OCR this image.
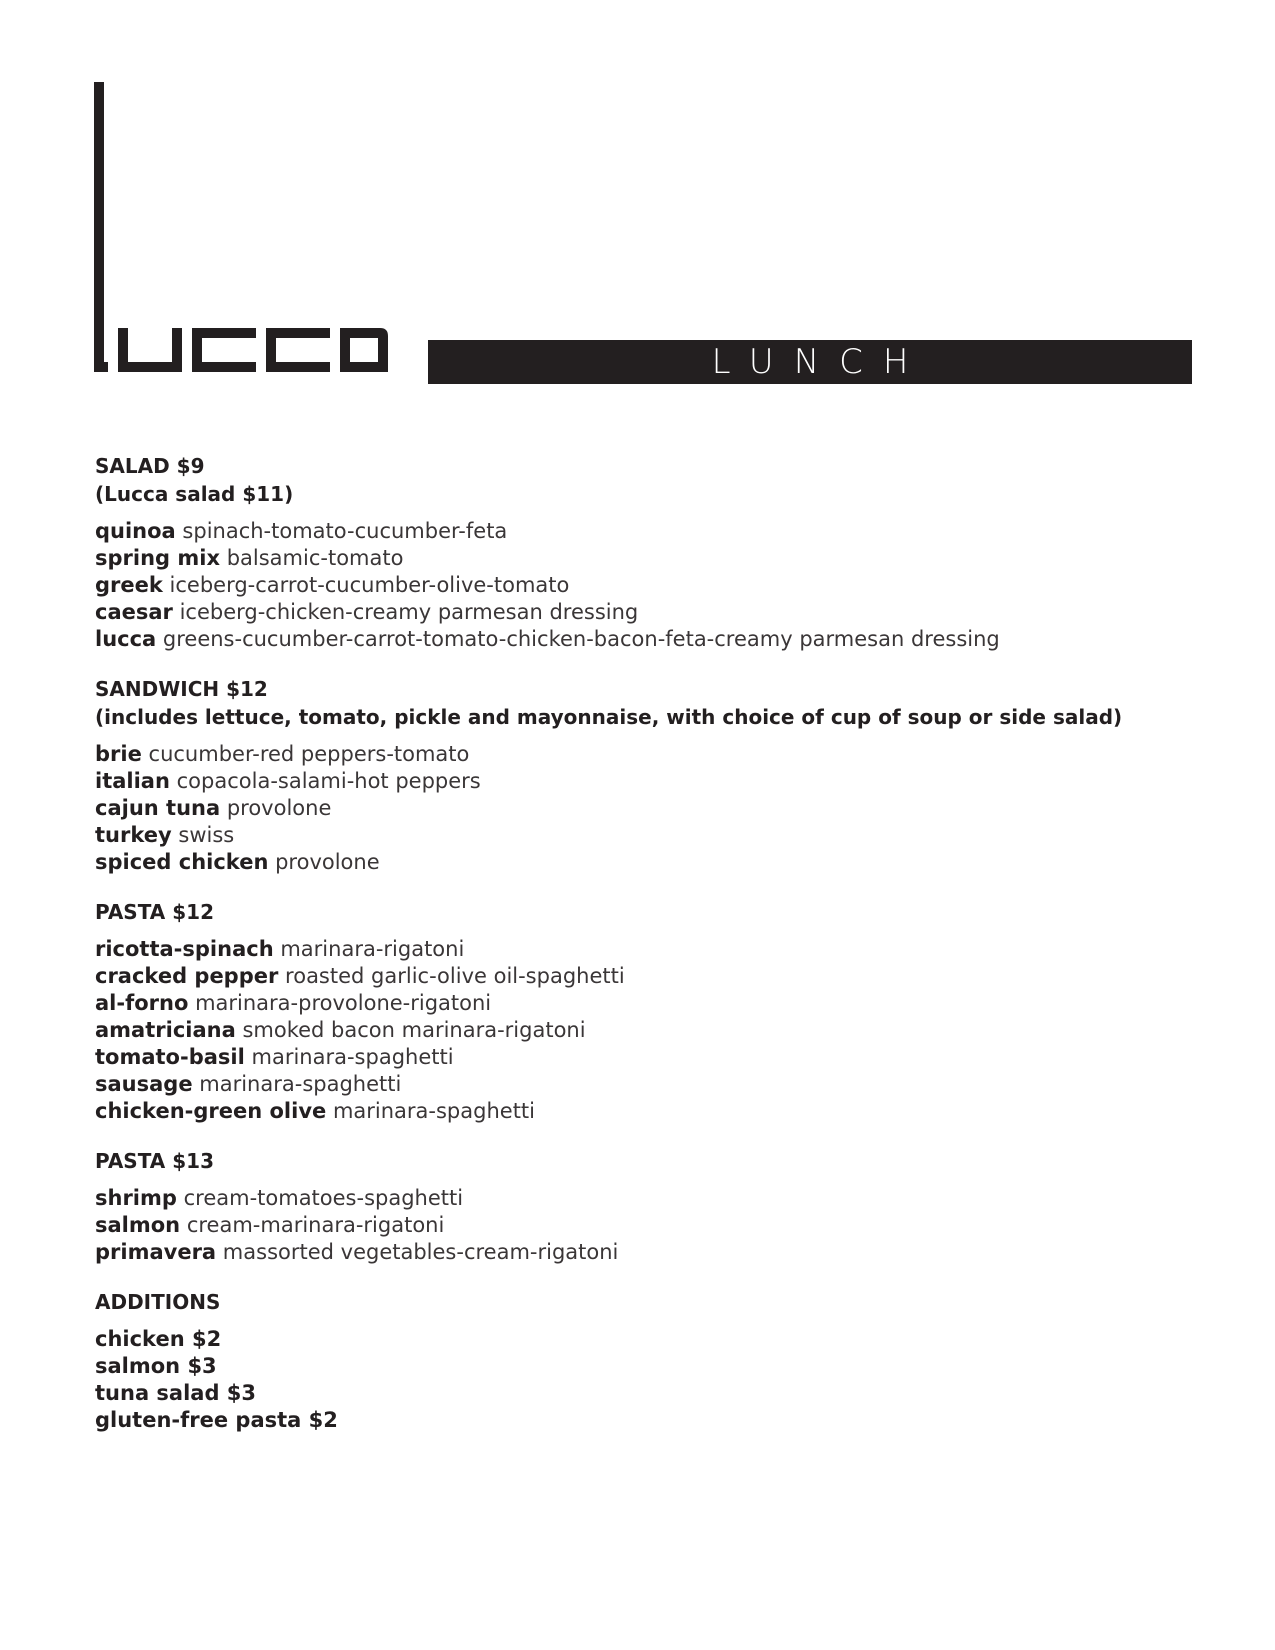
LUNCH
SALAD $9
(Lucca salad $11)
quinoa spinach-tomato-cucumber-feta
spring mix balsamic-tomato
greek iceberg-carrot-cucumber-olive-tomato
caesar iceberg-chicken-creamy parmesan dressing
lucca greens-cucumber-carrot-tomato-chicken-bacon-feta-creamy parmesan dressing
SANDWICH $12
(includes lettuce, tomato, pickle and mayonnaise, with choice of cup of soup or side salad)
brie cucumber-red peppers-tomato
italian copacola-salami-hot peppers
cajun tuna provolone
turkey swiss
spiced chicken provolone
PASTA $12
ricotta-spinach marinara-rigatoni
cracked pepper roasted garlic-olive oil-spaghetti
al-forno marinara-provolone-rigatoni
amatriciana smoked bacon marinara-rigatoni
tomato-basil marinara-spaghetti
sausage marinara-spaghetti
chicken-green olive marinara-spaghetti
PASTA $13
shrimp cream-tomatoes-spaghetti
salmon cream-marinara-rigatoni
primavera massorted vegetables-cream-rigatoni
ADDITIONS
chicken $2
salmon $3
tuna salad $3
gluten-free pasta $2
